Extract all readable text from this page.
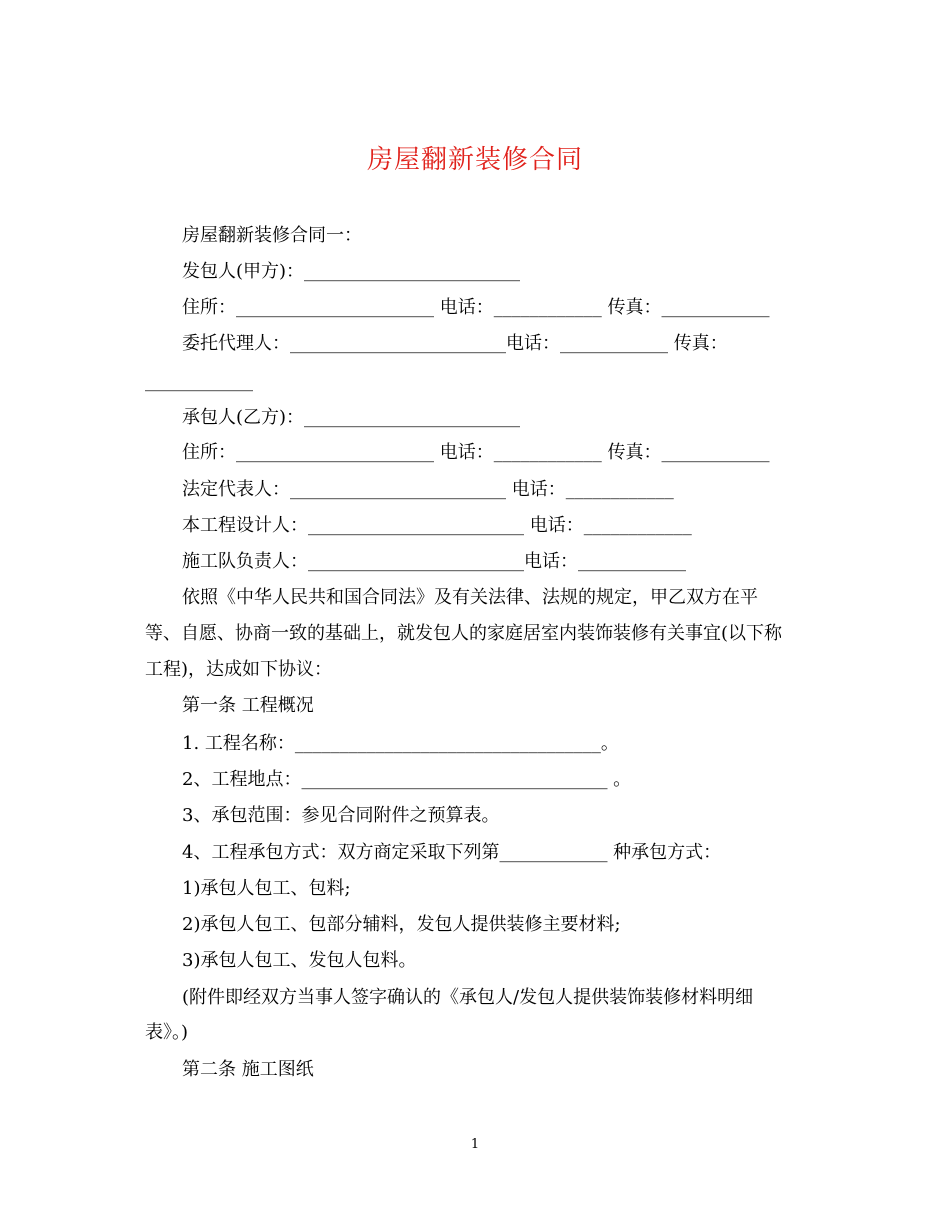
房屋翻新装修合同
房屋翻新装修合同一：
发包人(甲方)：________________________
住所：______________________ 电话：____________ 传真：____________
委托代理人：________________________电话：____________ 传真：
____________
承包人(乙方)：________________________
住所：______________________ 电话：____________ 传真：____________
法定代表人：________________________ 电话：____________
本工程设计人：________________________ 电话：____________
施工队负责人：________________________电话：____________
依照《中华人民共和国合同法》及有关法律、法规的规定，甲乙双方在平
等、自愿、协商一致的基础上，就发包人的家庭居室内装饰装修有关事宜(以下称
工程)，达成如下协议：
第一条 工程概况
1. 工程名称：__________________________________。
2、工程地点：__________________________________ 。
3、承包范围：参见合同附件之预算表。
4、工程承包方式：双方商定采取下列第____________ 种承包方式：
1)承包人包工、包料;
2)承包人包工、包部分辅料，发包人提供装修主要材料;
3)承包人包工、发包人包料。
(附件即经双方当事人签字确认的《承包人/发包人提供装饰装修材料明细
表》。)
第二条 施工图纸
1
